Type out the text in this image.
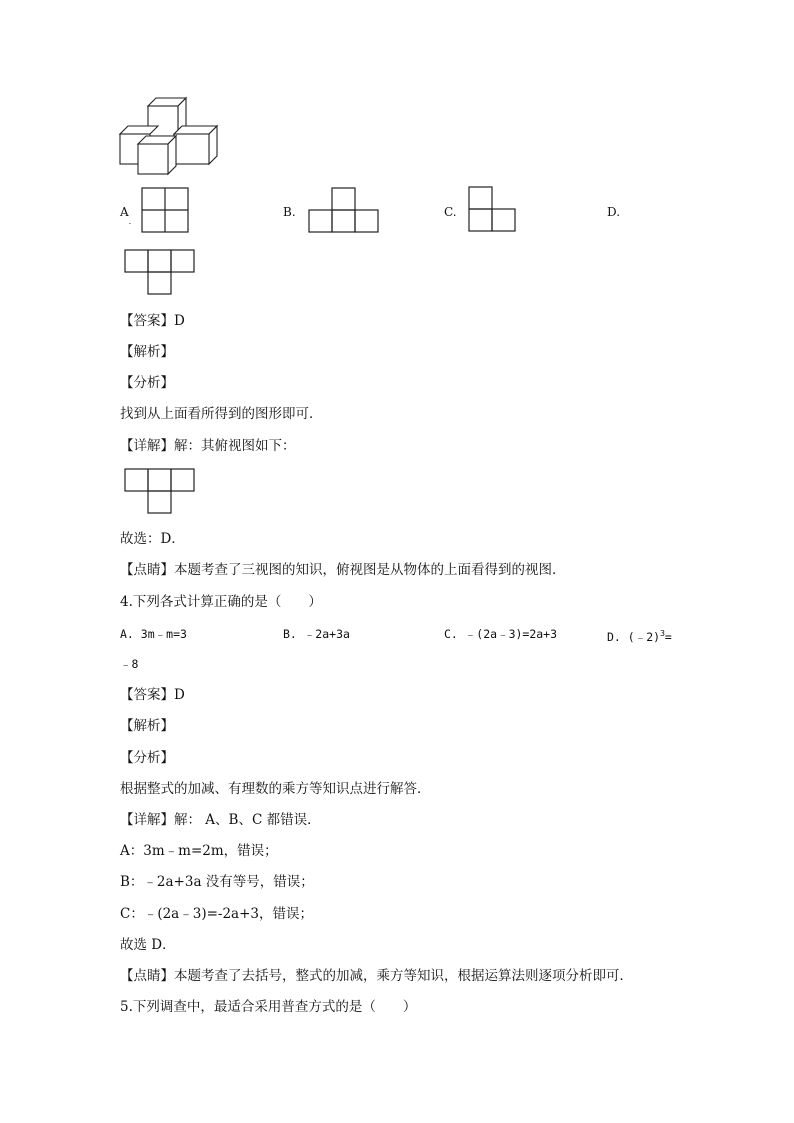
$A_.$
B.	C.	D.
【答案】D
【解析】
【分析】
找到从上面看所得到的图形即可．
【详解】解：其俯视图如下：
故选：D．
【点睛】本题考查了三视图的知识，俯视图是从物体的上面看得到的视图．
4.下列各式计算正确的是（　　）
A. 3m﹣m=3	B. ﹣2a+3a	C. ﹣(2a﹣3)=2a+3	D. (﹣2)$^3$=
﹣8
【答案】D
【解析】
【分析】
根据整式的加减、有理数的乘方等知识点进行解答．
【详解】解： A、B、C 都错误．
A：3m﹣m=2m，错误；
B：﹣2a+3a 没有等号，错误；
C：﹣(2a﹣3)=-2a+3，错误；
故选 D．
【点睛】本题考查了去括号，整式的加减，乘方等知识，根据运算法则逐项分析即可．
5.下列调查中，最适合采用普查方式的是（　　）
